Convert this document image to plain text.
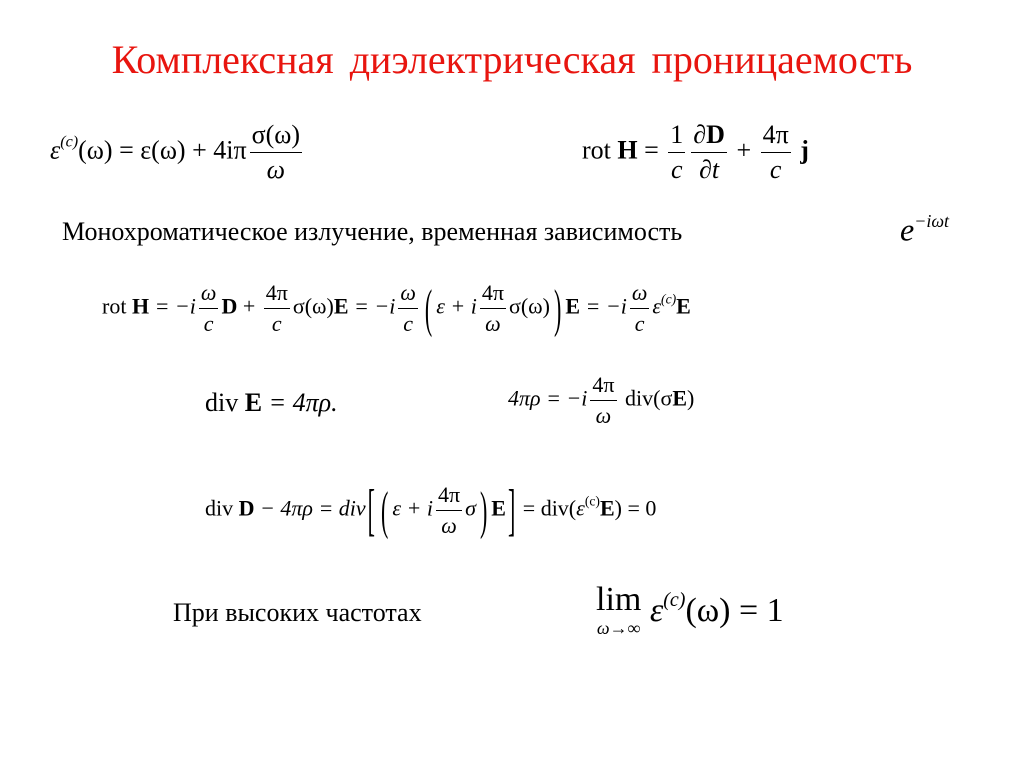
Комплексная диэлектрическая проницаемость
$\varepsilon^{(c)}(\omega) = \varepsilon(\omega) + 4i\pi \frac{\sigma(\omega)}{\omega}$	rot $H = \frac{1}{c} \frac{\partial D}{\partial t} + \frac{4\pi}{c}$ j
Монохроматическое излучение, временная зависимость	$e^{-i\omega t}$
rot $H = -i \frac{\omega}{c}$ $D + \frac{4\pi}{c} \sigma(\omega)E = -i \frac{\omega}{c}$ ( ε + i $\frac{4\pi}{\omega} \sigma(\omega)$ ) $E = -i \frac{\omega}{c} \varepsilon^{(c)}E$
div E = 4πρ.	$4\pi\rho = -i \frac{4\pi}{\omega} div(\sigma E)$
div D − 4πρ = div[ ( ε + i $\frac{4\pi}{\omega}$ σ ) $E] = div(\varepsilon^{(c)}E) = 0$
При высоких частотах	lim
ω→∞ $\varepsilon^{(c)}(\omega) = 1$
